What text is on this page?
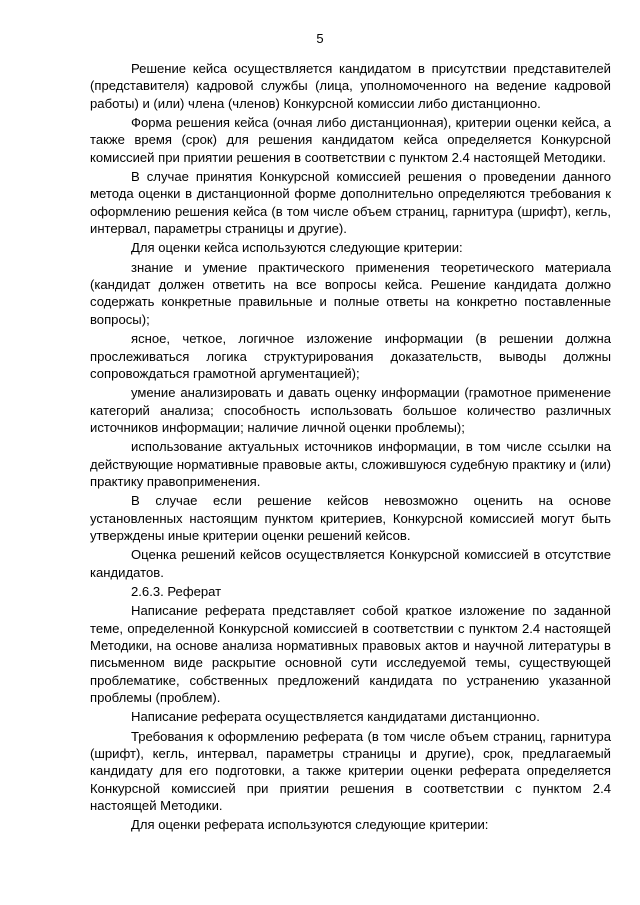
5

Решение кейса осуществляется кандидатом в присутствии представителей (представителя) кадровой службы (лица, уполномоченного на ведение кадровой работы) и (или) члена (членов) Конкурсной комиссии либо дистанционно.

Форма решения кейса (очная либо дистанционная), критерии оценки кейса, а также время (срок) для решения кандидатом кейса определяется Конкурсной комиссией при приятии решения в соответствии с пунктом 2.4 настоящей Методики.

В случае принятия Конкурсной комиссией решения о проведении данного метода оценки в дистанционной форме дополнительно определяются требования к оформлению решения кейса (в том числе объем страниц, гарнитура (шрифт), кегль, интервал, параметры страницы и другие).

Для оценки кейса используются следующие критерии:

знание и умение практического применения теоретического материала (кандидат должен ответить на все вопросы кейса. Решение кандидата должно содержать конкретные правильные и полные ответы на конкретно поставленные вопросы);

ясное, четкое, логичное изложение информации (в решении должна прослеживаться логика структурирования доказательств, выводы должны сопровождаться грамотной аргументацией);

умение анализировать и давать оценку информации (грамотное применение категорий анализа; способность использовать большое количество различных источников информации; наличие личной оценки проблемы);

использование актуальных источников информации, в том числе ссылки на действующие нормативные правовые акты, сложившуюся судебную практику и (или) практику правоприменения.

В случае если решение кейсов невозможно оценить на основе установленных настоящим пунктом критериев, Конкурсной комиссией могут быть утверждены иные критерии оценки решений кейсов.

Оценка решений кейсов осуществляется Конкурсной комиссией в отсутствие кандидатов.

2.6.3. Реферат

Написание реферата представляет собой краткое изложение по заданной теме, определенной Конкурсной комиссией в соответствии с пунктом 2.4 настоящей Методики, на основе анализа нормативных правовых актов и научной литературы в письменном виде раскрытие основной сути исследуемой темы, существующей проблематике, собственных предложений кандидата по устранению указанной проблемы (проблем).

Написание реферата осуществляется кандидатами дистанционно.

Требования к оформлению реферата (в том числе объем страниц, гарнитура (шрифт), кегль, интервал, параметры страницы и другие), срок, предлагаемый кандидату для его подготовки, а также критерии оценки реферата определяется Конкурсной комиссией при приятии решения в соответствии с пунктом 2.4 настоящей Методики.

Для оценки реферата используются следующие критерии:
